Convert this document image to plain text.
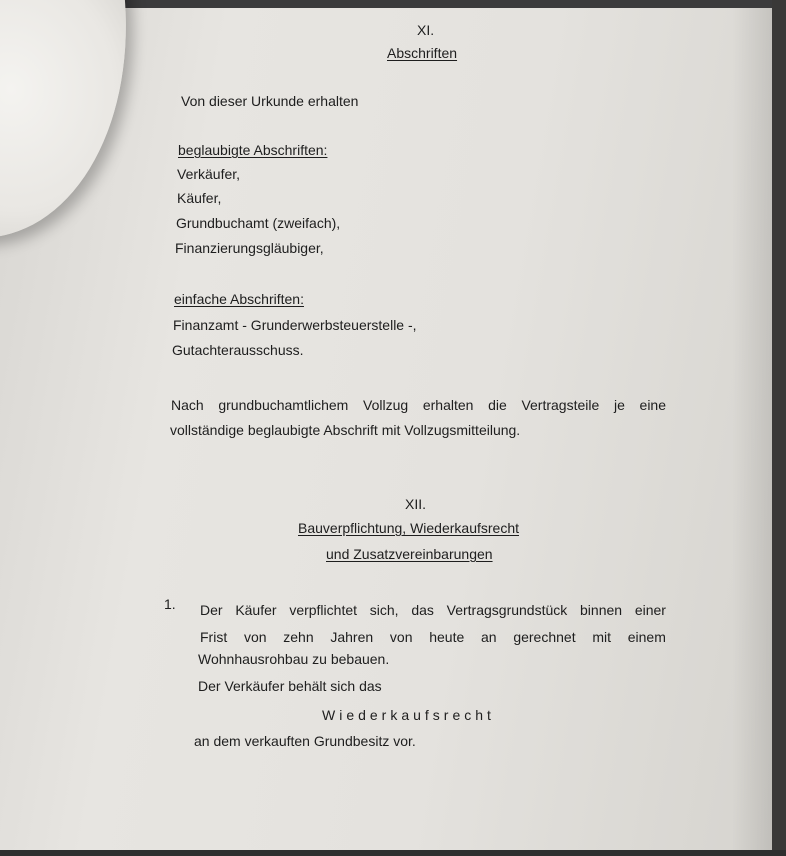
XI.
Abschriften
Von dieser Urkunde erhalten
beglaubigte Abschriften:
Verkäufer,
Käufer,
Grundbuchamt (zweifach),
Finanzierungsgläubiger,
einfache Abschriften:
Finanzamt - Grunderwerbsteuerstelle -,
Gutachterausschuss.
Nach grundbuchamtlichem Vollzug erhalten die Vertragsteile je eine
vollständige beglaubigte Abschrift mit Vollzugsmitteilung.
XII.
Bauverpflichtung, Wiederkaufsrecht
und Zusatzvereinbarungen
1. Der Käufer verpflichtet sich, das Vertragsgrundstück binnen einer
Frist von zehn Jahren von heute an gerechnet mit einem
Wohnhausrohbau zu bebauen.
Der Verkäufer behält sich das
Wiederkaufsrecht
an dem verkauften Grundbesitz vor.
